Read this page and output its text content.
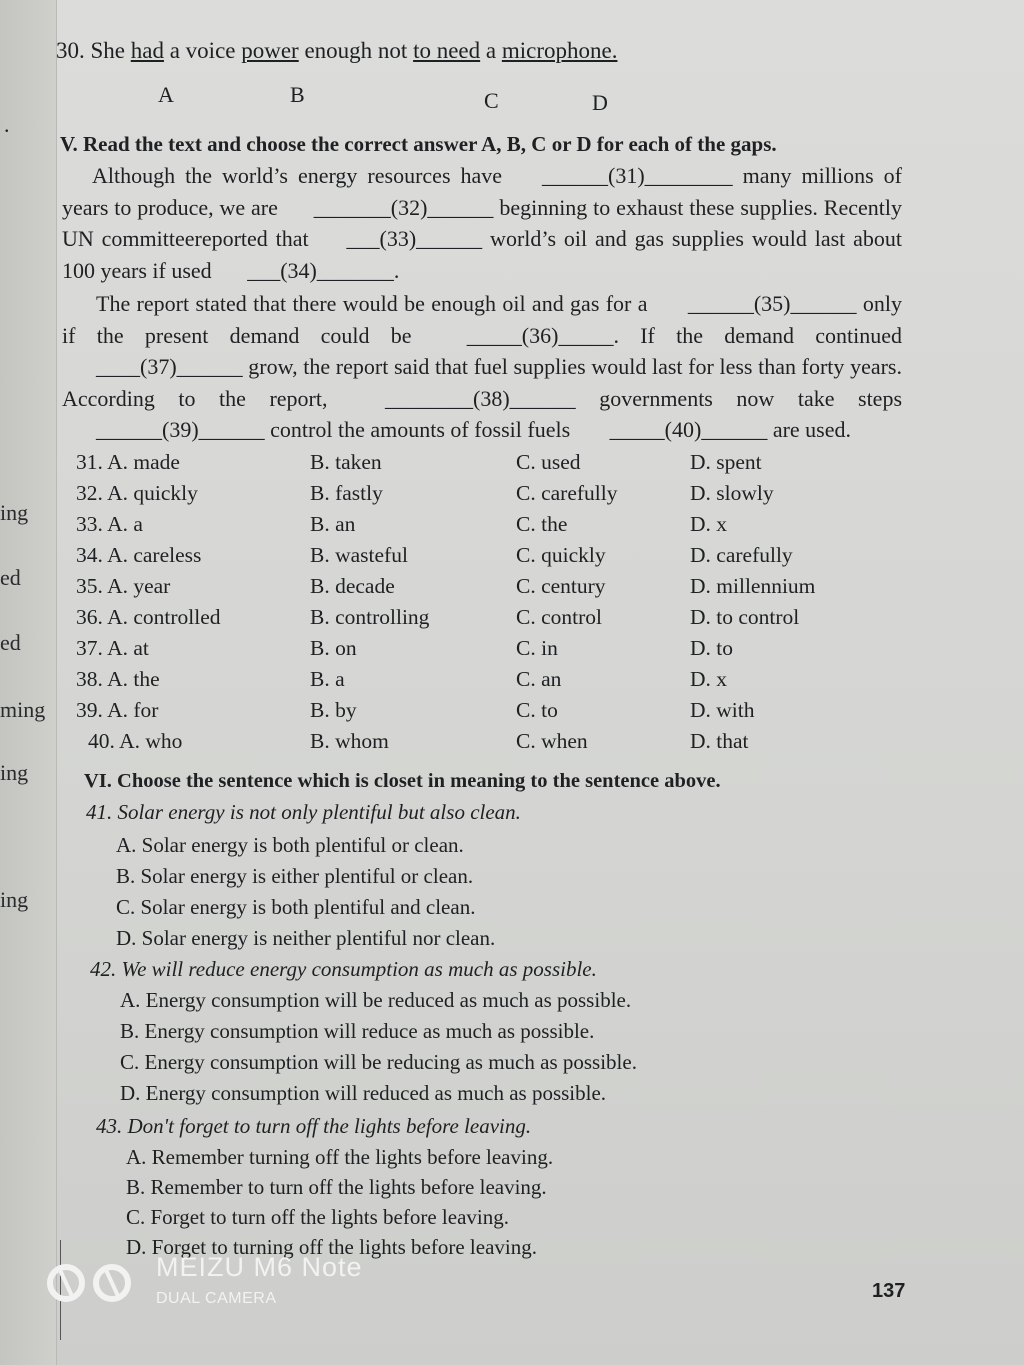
ing
ed
ed
ming
ing
ing
30. She had a voice power enough not to need a microphone.
A	B	C	D
.
V. Read the text and choose the correct answer A, B, C or D for each of the gaps.
Although the world’s energy resources have ______(31)________ many millions of years to produce, we are _______(32)______ beginning to exhaust these supplies. Recently UN committeereported that ___(33)______ world’s oil and gas supplies would last about 100 years if used ___(34)_______.
The report stated that there would be enough oil and gas for a ______(35)______ only if the present demand could be _____(36)_____. If the demand continued ____(37)______ grow, the report said that fuel supplies would last for less than forty years. According to the report, ________(38)______ governments now take steps ______(39)______ control the amounts of fossil fuels _____(40)______ are used.
31. A. made	B. taken	C. used	D. spent
32. A. quickly	B. fastly	C. carefully	D. slowly
33. A. a	B. an	C. the	D. x
34. A. careless	B. wasteful	C. quickly	D. carefully
35. A. year	B. decade	C. century	D. millennium
36. A. controlled	B. controlling	C. control	D. to control
37. A. at	B. on	C. in	D. to
38. A. the	B. a	C. an	D. x
39. A. for	B. by	C. to	D. with
40. A. who	B. whom	C. when	D. that
VI. Choose the sentence which is closet in meaning to the sentence above.
41. Solar energy is not only plentiful but also clean.
A. Solar energy is both plentiful or clean.
B. Solar energy is either plentiful or clean.
C. Solar energy is both plentiful and clean.
D. Solar energy is neither plentiful nor clean.
42. We will reduce energy consumption as much as possible.
A. Energy consumption will be reduced as much as possible.
B. Energy consumption will reduce as much as possible.
C. Energy consumption will be reducing as much as possible.
D. Energy consumption will reduced as much as possible.
43. Don't forget to turn off the lights before leaving.
A. Remember turning off the lights before leaving.
B. Remember to turn off the lights before leaving.
C. Forget to turn off the lights before leaving.
D. Forget to turning off the lights before leaving.
MEIZU M6 Note
DUAL CAMERA	137
